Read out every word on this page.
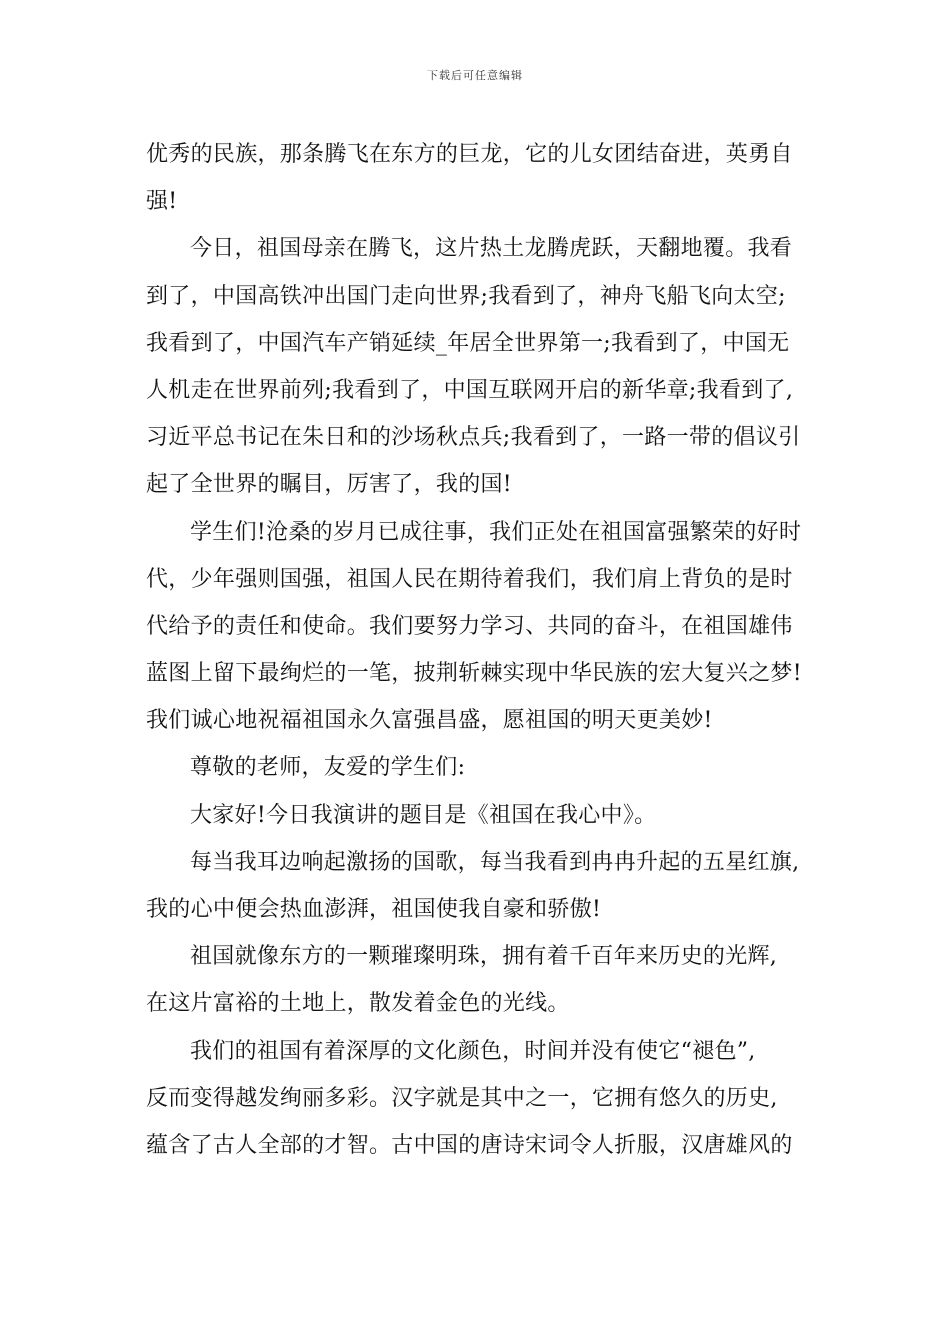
下载后可任意编辑
优秀的民族，那条腾飞在东方的巨龙，它的儿女团结奋进，英勇自
强!
今日，祖国母亲在腾飞，这片热土龙腾虎跃，天翻地覆。我看
到了，中国高铁冲出国门走向世界;我看到了，神舟飞船飞向太空;
我看到了，中国汽车产销延续_年居全世界第一;我看到了，中国无
人机走在世界前列;我看到了，中国互联网开启的新华章;我看到了,
习近平总书记在朱日和的沙场秋点兵;我看到了，一路一带的倡议引
起了全世界的瞩目，厉害了，我的国!
学生们!沧桑的岁月已成往事，我们正处在祖国富强繁荣的好时
代，少年强则国强，祖国人民在期待着我们，我们肩上背负的是时
代给予的责任和使命。我们要努力学习、共同的奋斗，在祖国雄伟
蓝图上留下最绚烂的一笔，披荆斩棘实现中华民族的宏大复兴之梦!
我们诚心地祝福祖国永久富强昌盛，愿祖国的明天更美妙!
尊敬的老师，友爱的学生们:
大家好!今日我演讲的题目是《祖国在我心中》。
每当我耳边响起激扬的国歌，每当我看到冉冉升起的五星红旗,
我的心中便会热血澎湃，祖国使我自豪和骄傲!
祖国就像东方的一颗璀璨明珠，拥有着千百年来历史的光辉,
在这片富裕的土地上，散发着金色的光线。
我们的祖国有着深厚的文化颜色，时间并没有使它“褪色”,
反而变得越发绚丽多彩。汉字就是其中之一，它拥有悠久的历史,
蕴含了古人全部的才智。古中国的唐诗宋词令人折服，汉唐雄风的
